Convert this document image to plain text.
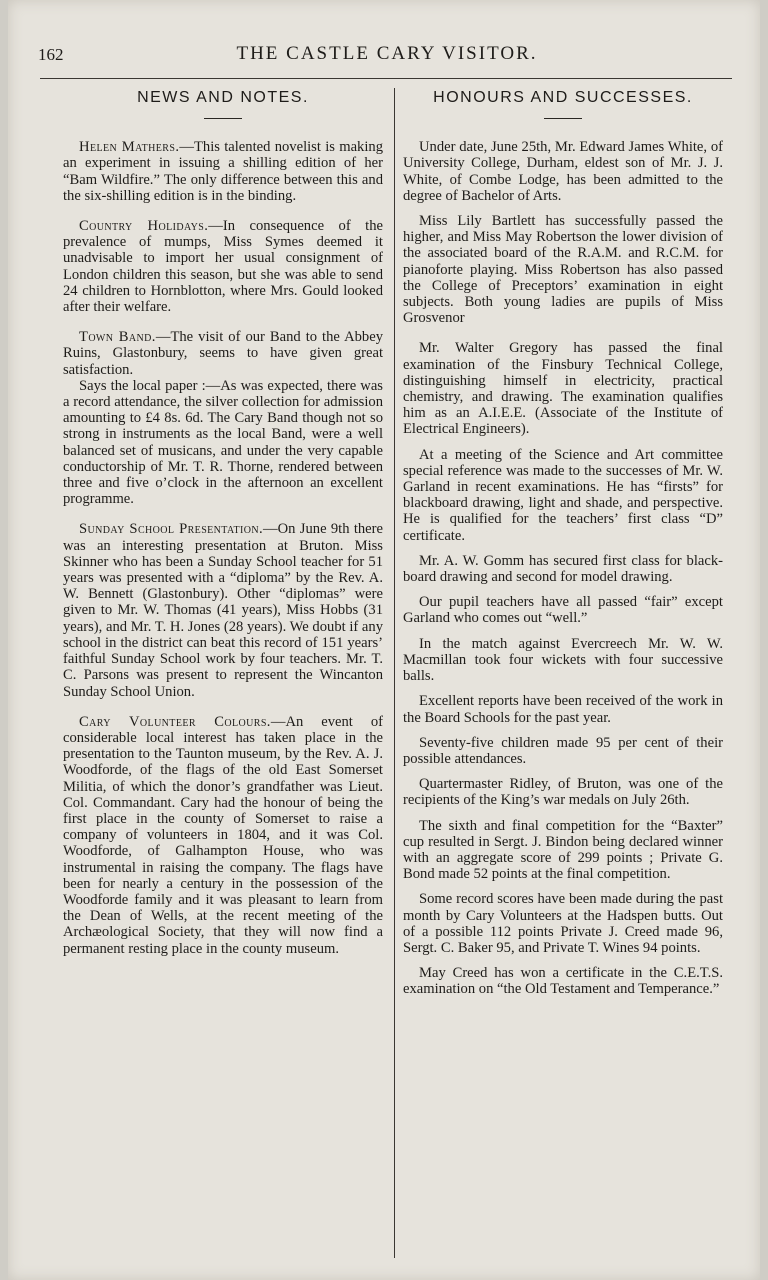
162	THE CASTLE CARY VISITOR.
NEWS AND NOTES.

Helen Mathers.—This talented novelist is making an experiment in issuing a shilling edition of her “Bam Wildfire.” The only difference between this and the six-shilling edition is in the binding.

Country Holidays.—In consequence of the prevalence of mumps, Miss Symes deemed it unadvisable to import her usual consignment of London children this season, but she was able to send 24 children to Hornblotton, where Mrs. Gould looked after their welfare.

Town Band.—The visit of our Band to the Abbey Ruins, Glastonbury, seems to have given great satisfaction.

Says the local paper :—As was expected, there was a record attendance, the silver collection for admission amounting to £4 8s. 6d. The Cary Band though not so strong in instruments as the local Band, were a well balanced set of musicans, and under the very capable conductorship of Mr. T. R. Thorne, rendered between three and five o’clock in the afternoon an excellent programme.

Sunday School Presentation.—On June 9th there was an interesting presentation at Bruton. Miss Skinner who has been a Sunday School teacher for 51 years was presented with a “diploma” by the Rev. A. W. Bennett (Glastonbury). Other “diplomas” were given to Mr. W. Thomas (41 years), Miss Hobbs (31 years), and Mr. T. H. Jones (28 years). We doubt if any school in the district can beat this record of 151 years’ faithful Sunday School work by four teachers. Mr. T. C. Parsons was present to represent the Wincanton Sunday School Union.

Cary Volunteer Colours.—An event of considerable local interest has taken place in the presentation to the Taunton museum, by the Rev. A. J. Woodforde, of the flags of the old East Somerset Militia, of which the donor’s grandfather was Lieut. Col. Commandant. Cary had the honour of being the first place in the county of Somerset to raise a company of volunteers in 1804, and it was Col. Woodforde, of Galhampton House, who was instrumental in raising the company. The flags have been for nearly a century in the possession of the Woodforde family and it was pleasant to learn from the Dean of Wells, at the recent meeting of the Archæological Society, that they will now find a permanent resting place in the county museum.

HONOURS AND SUCCESSES.

Under date, June 25th, Mr. Edward James White, of University College, Durham, eldest son of Mr. J. J. White, of Combe Lodge, has been admitted to the degree of Bachelor of Arts.

Miss Lily Bartlett has successfully passed the higher, and Miss May Robertson the lower division of the associated board of the R.A.M. and R.C.M. for pianoforte playing. Miss Robertson has also passed the College of Preceptors’ examination in eight subjects. Both young ladies are pupils of Miss Grosvenor

Mr. Walter Gregory has passed the final examination of the Finsbury Technical College, distinguishing himself in electricity, practical chemistry, and drawing. The examination qualifies him as an A.I.E.E. (Associate of the Institute of Electrical Engineers).

At a meeting of the Science and Art committee special reference was made to the successes of Mr. W. Garland in recent examinations. He has “firsts” for blackboard drawing, light and shade, and perspective. He is qualified for the teachers’ first class “D” certificate.

Mr. A. W. Gomm has secured first class for black-board drawing and second for model drawing.

Our pupil teachers have all passed “fair” except Garland who comes out “well.”

In the match against Evercreech Mr. W. W. Macmillan took four wickets with four successive balls.

Excellent reports have been received of the work in the Board Schools for the past year.

Seventy-five children made 95 per cent of their possible attendances.

Quartermaster Ridley, of Bruton, was one of the recipients of the King’s war medals on July 26th.

The sixth and final competition for the “Baxter” cup resulted in Sergt. J. Bindon being declared winner with an aggregate score of 299 points ; Private G. Bond made 52 points at the final competition.

Some record scores have been made during the past month by Cary Volunteers at the Hadspen butts. Out of a possible 112 points Private J. Creed made 96, Sergt. C. Baker 95, and Private T. Wines 94 points.

May Creed has won a certificate in the C.E.T.S. examination on “the Old Testament and Temperance.”
